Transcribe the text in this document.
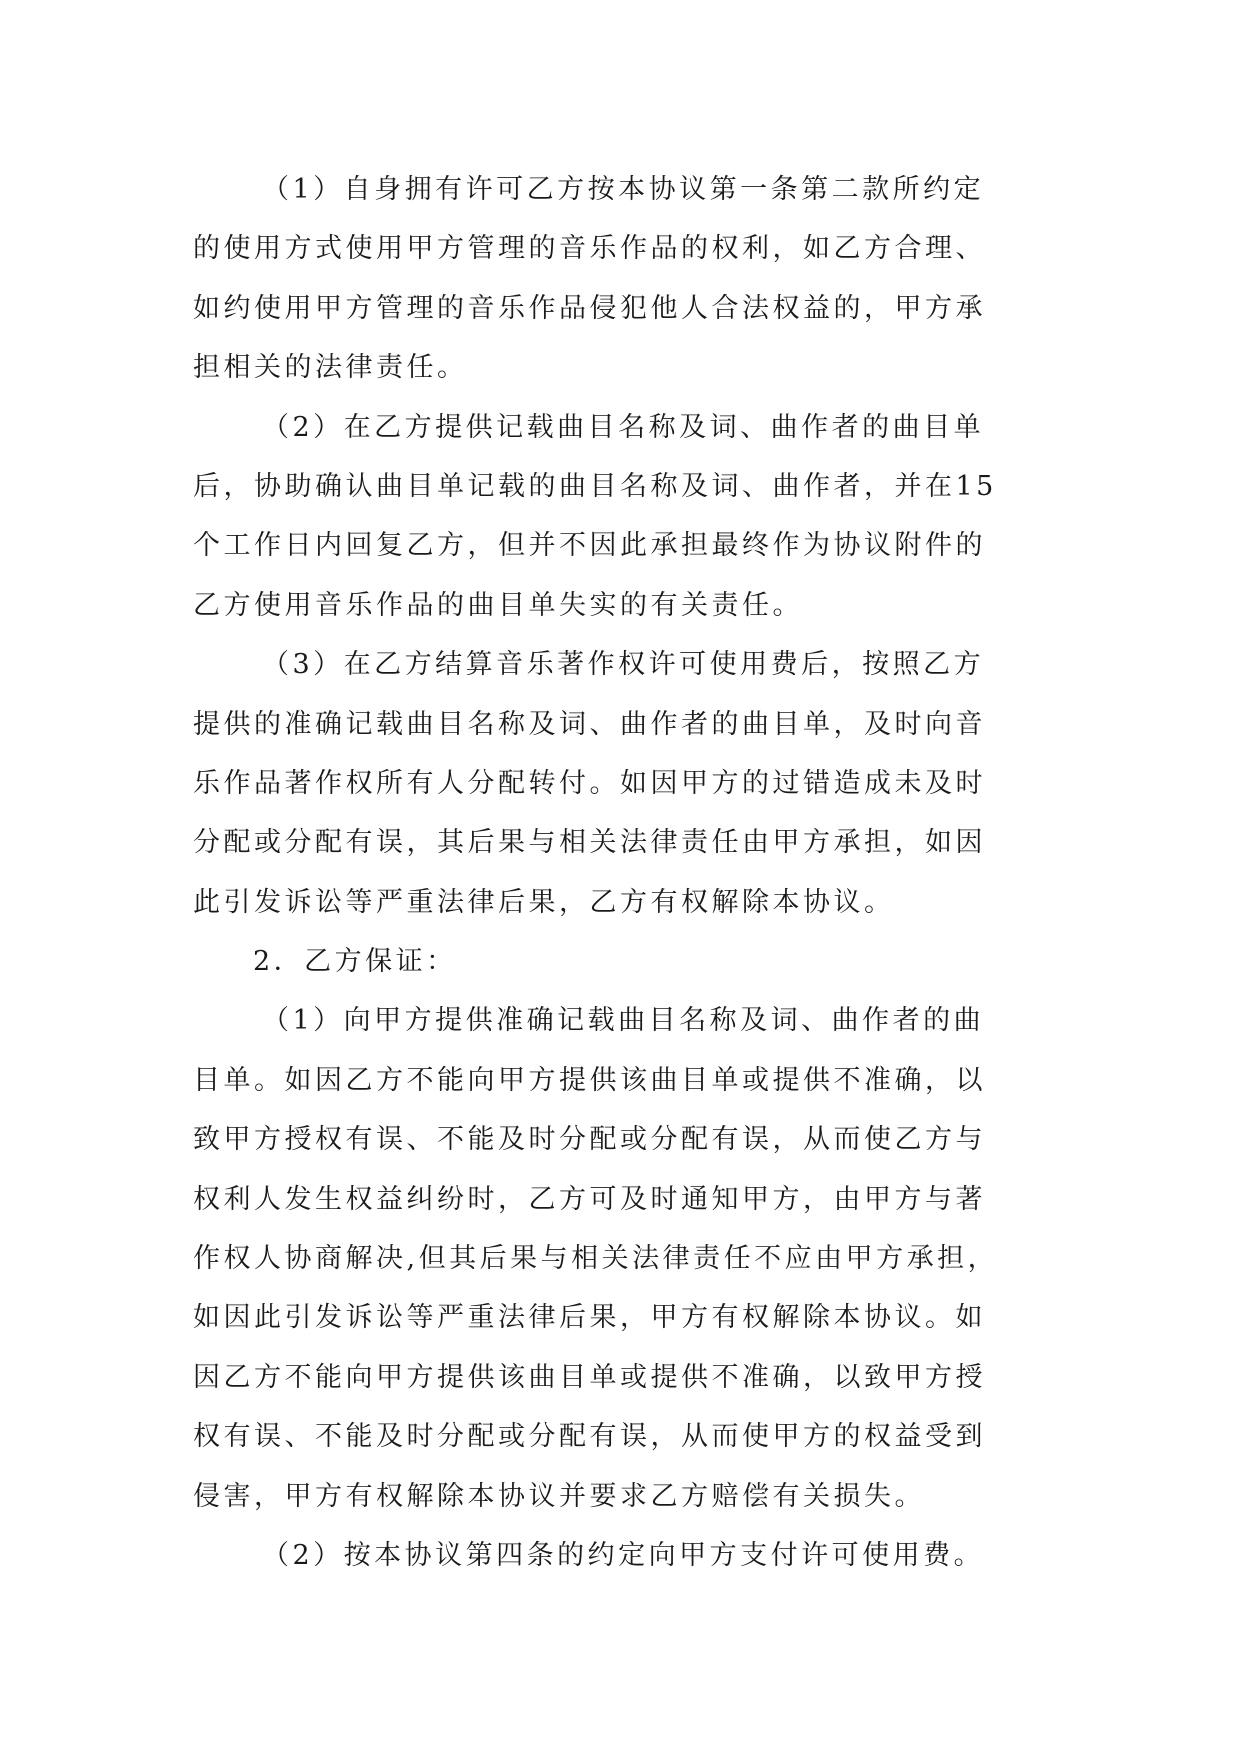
（1）自身拥有许可乙方按本协议第一条第二款所约定
的使用方式使用甲方管理的音乐作品的权利，如乙方合理、
如约使用甲方管理的音乐作品侵犯他人合法权益的，甲方承
担相关的法律责任。
（2）在乙方提供记载曲目名称及词、曲作者的曲目单
后，协助确认曲目单记载的曲目名称及词、曲作者，并在15
个工作日内回复乙方，但并不因此承担最终作为协议附件的
乙方使用音乐作品的曲目单失实的有关责任。
（3）在乙方结算音乐著作权许可使用费后，按照乙方
提供的准确记载曲目名称及词、曲作者的曲目单，及时向音
乐作品著作权所有人分配转付。如因甲方的过错造成未及时
分配或分配有误，其后果与相关法律责任由甲方承担，如因
此引发诉讼等严重法律后果，乙方有权解除本协议。
2．乙方保证：
（1）向甲方提供准确记载曲目名称及词、曲作者的曲
目单。如因乙方不能向甲方提供该曲目单或提供不准确，以
致甲方授权有误、不能及时分配或分配有误，从而使乙方与
权利人发生权益纠纷时，乙方可及时通知甲方，由甲方与著
作权人协商解决,但其后果与相关法律责任不应由甲方承担，
如因此引发诉讼等严重法律后果，甲方有权解除本协议。如
因乙方不能向甲方提供该曲目单或提供不准确，以致甲方授
权有误、不能及时分配或分配有误，从而使甲方的权益受到
侵害，甲方有权解除本协议并要求乙方赔偿有关损失。
（2）按本协议第四条的约定向甲方支付许可使用费。
